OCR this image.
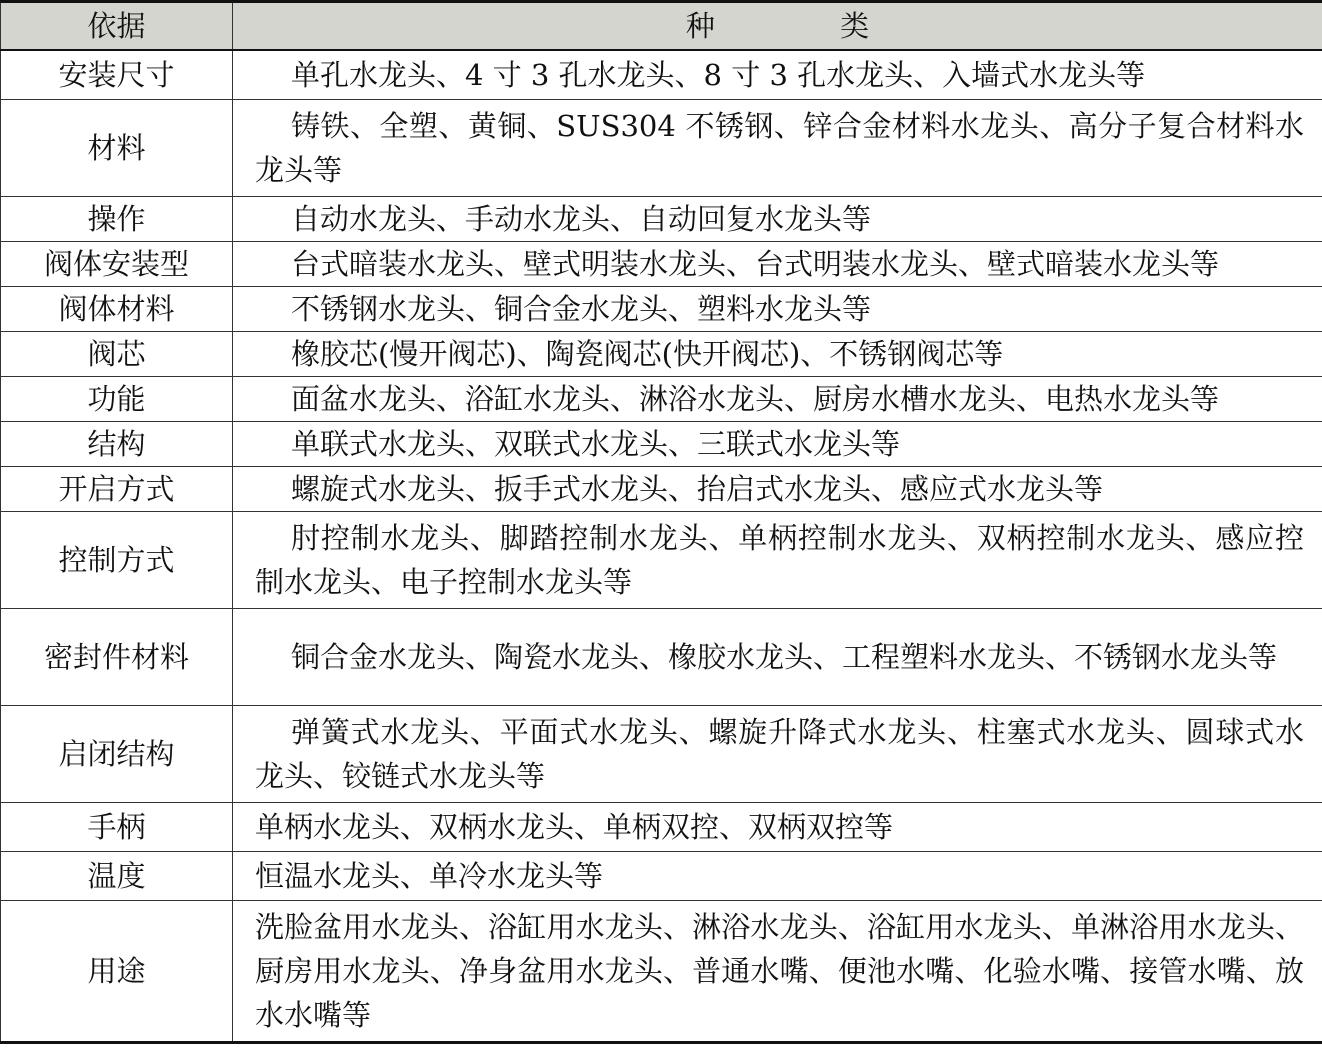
依据	种 类
安装尺寸	单孔水龙头、4 寸 3 孔水龙头、8 寸 3 孔水龙头、入墙式水龙头等
材料	铸铁、全塑、黄铜、SUS304 不锈钢、锌合金材料水龙头、高分子复合材料水龙头等
操作	自动水龙头、手动水龙头、自动回复水龙头等
阀体安装型	台式暗装水龙头、壁式明装水龙头、台式明装水龙头、壁式暗装水龙头等
阀体材料	不锈钢水龙头、铜合金水龙头、塑料水龙头等
阀芯	橡胶芯(慢开阀芯)、陶瓷阀芯(快开阀芯)、不锈钢阀芯等
功能	面盆水龙头、浴缸水龙头、淋浴水龙头、厨房水槽水龙头、电热水龙头等
结构	单联式水龙头、双联式水龙头、三联式水龙头等
开启方式	螺旋式水龙头、扳手式水龙头、抬启式水龙头、感应式水龙头等
控制方式	肘控制水龙头、脚踏控制水龙头、单柄控制水龙头、双柄控制水龙头、感应控制水龙头、电子控制水龙头等
密封件材料	铜合金水龙头、陶瓷水龙头、橡胶水龙头、工程塑料水龙头、不锈钢水龙头等
启闭结构	弹簧式水龙头、平面式水龙头、螺旋升降式水龙头、柱塞式水龙头、圆球式水龙头、铰链式水龙头等
手柄	单柄水龙头、双柄水龙头、单柄双控、双柄双控等
温度	恒温水龙头、单冷水龙头等
用途	洗脸盆用水龙头、浴缸用水龙头、淋浴水龙头、浴缸用水龙头、单淋浴用水龙头、厨房用水龙头、净身盆用水龙头、普通水嘴、便池水嘴、化验水嘴、接管水嘴、放水水嘴等
